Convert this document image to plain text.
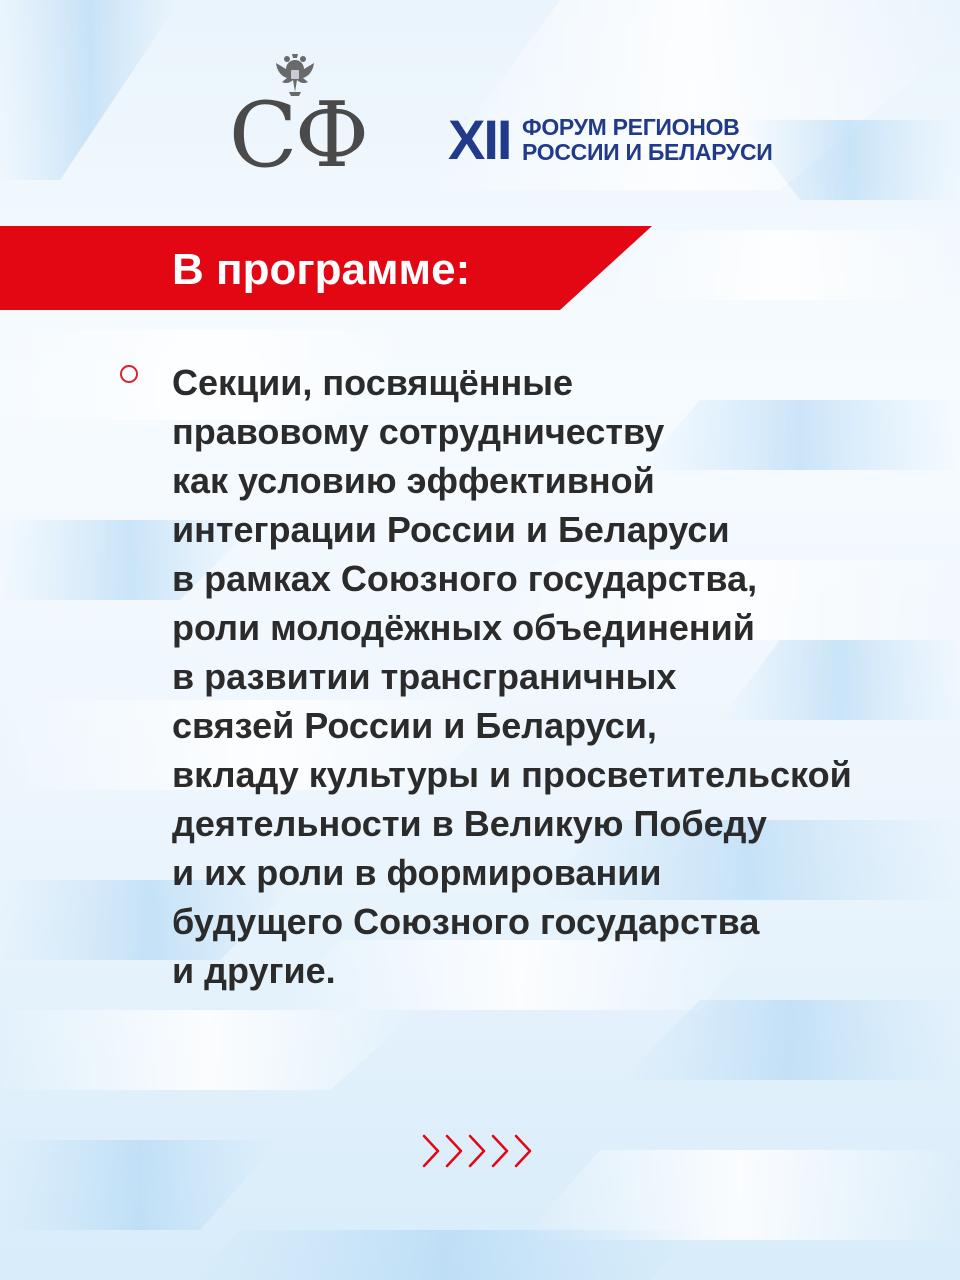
СФ	XII ФОРУМ РЕГИОНОВ
РОССИИ И БЕЛАРУСИ
В программе:
Секции, посвящённые
правовому сотрудничеству
как условию эффективной
интеграции России и Беларуси
в рамках Союзного государства,
роли молодёжных объединений
в развитии трансграничных
связей России и Беларуси,
вкладу культуры и просветительской
деятельности в Великую Победу
и их роли в формировании
будущего Союзного государства
и другие.
